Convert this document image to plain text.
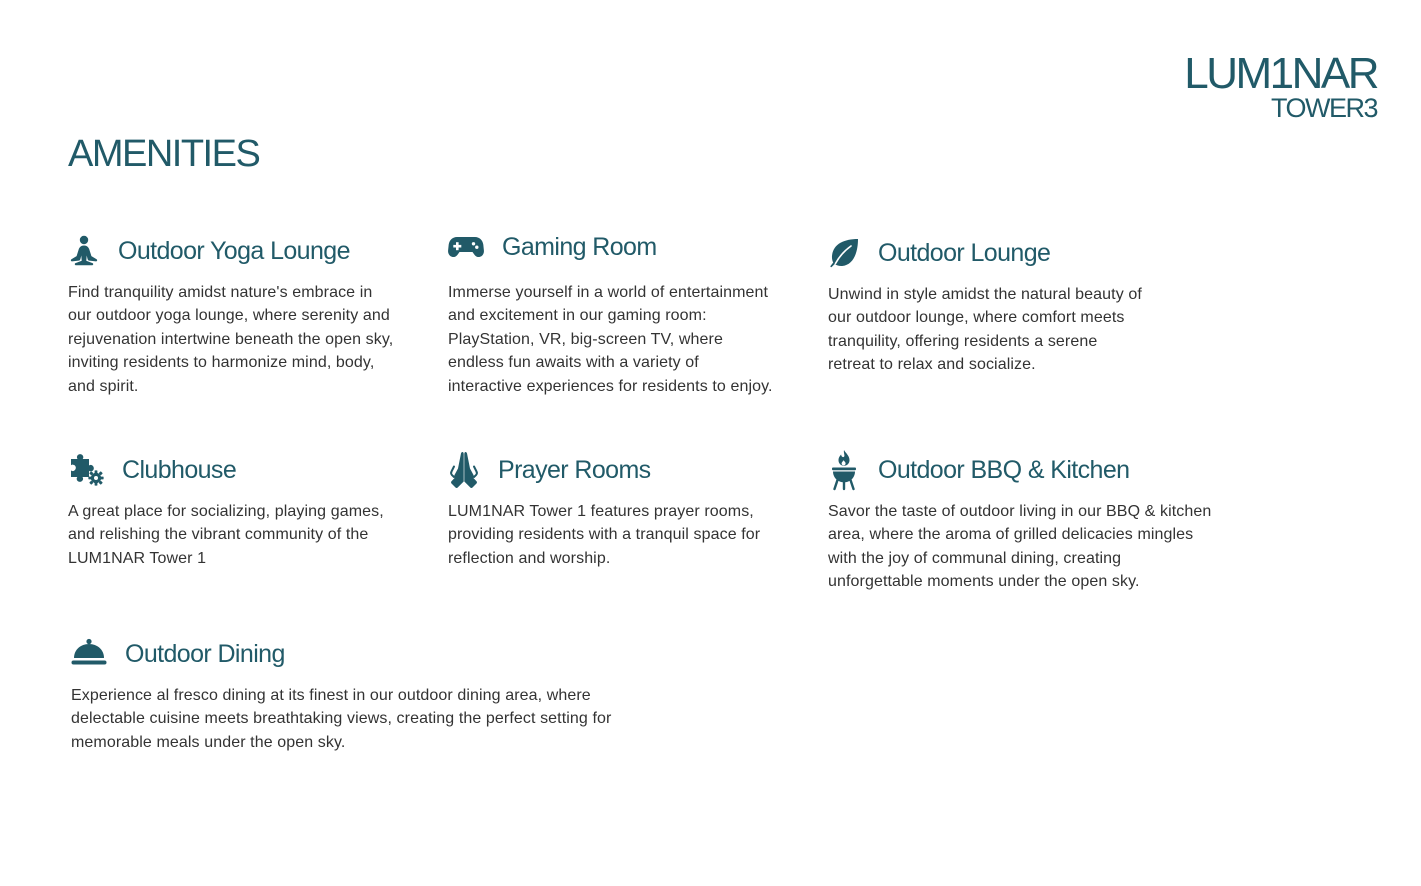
LUM1NAR
TOWER3
AMENITIES
Outdoor Yoga Lounge

Find tranquility amidst nature's embrace in our outdoor yoga lounge, where serenity and rejuvenation intertwine beneath the open sky, inviting residents to harmonize mind, body, and spirit.

Gaming Room

Immerse yourself in a world of entertainment and excitement in our gaming room: PlayStation, VR, big-screen TV, where endless fun awaits with a variety of interactive experiences for residents to enjoy.

Outdoor Lounge

Unwind in style amidst the natural beauty of our outdoor lounge, where comfort meets tranquility, offering residents a serene retreat to relax and socialize.

Clubhouse

A great place for socializing, playing games, and relishing the vibrant community of the LUM1NAR Tower 1

Prayer Rooms

LUM1NAR Tower 1 features prayer rooms, providing residents with a tranquil space for reflection and worship.

Outdoor BBQ & Kitchen

Savor the taste of outdoor living in our BBQ & kitchen area, where the aroma of grilled delicacies mingles with the joy of communal dining, creating unforgettable moments under the open sky.

Outdoor Dining

Experience al fresco dining at its finest in our outdoor dining area, where delectable cuisine meets breathtaking views, creating the perfect setting for memorable meals under the open sky.
